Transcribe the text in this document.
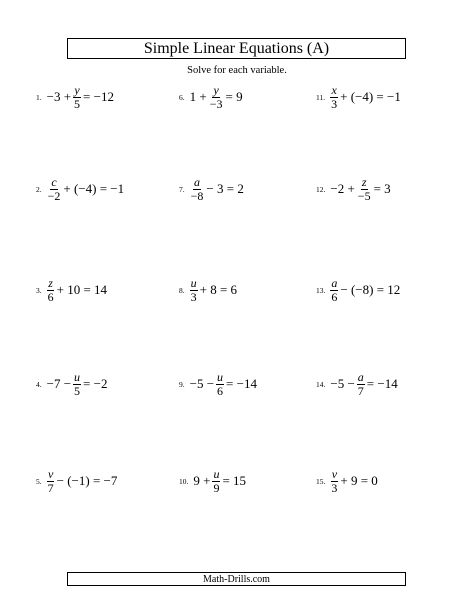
Simple Linear Equations (A)
Solve for each variable.
1. $-3 + \frac{y}{5} = -12$
2. $\frac{c}{-2} + (-4) = -1$
3. $\frac{z}{6} + 10 = 14$
4. $-7 - \frac{u}{5} = -2$
5. $\frac{v}{7} - (-1) = -7$
6. $1 + \frac{y}{-3} = 9$
7. $\frac{a}{-8} - 3 = 2$
8. $\frac{u}{3} + 8 = 6$
9. $-5 - \frac{u}{6} = -14$
10. $9 + \frac{u}{9} = 15$
11. $\frac{x}{3} + (-4) = -1$
12. $-2 + \frac{z}{-5} = 3$
13. $\frac{a}{6} - (-8) = 12$
14. $-5 - \frac{a}{7} = -14$
15. $\frac{v}{3} + 9 = 0$
Math-Drills.com
